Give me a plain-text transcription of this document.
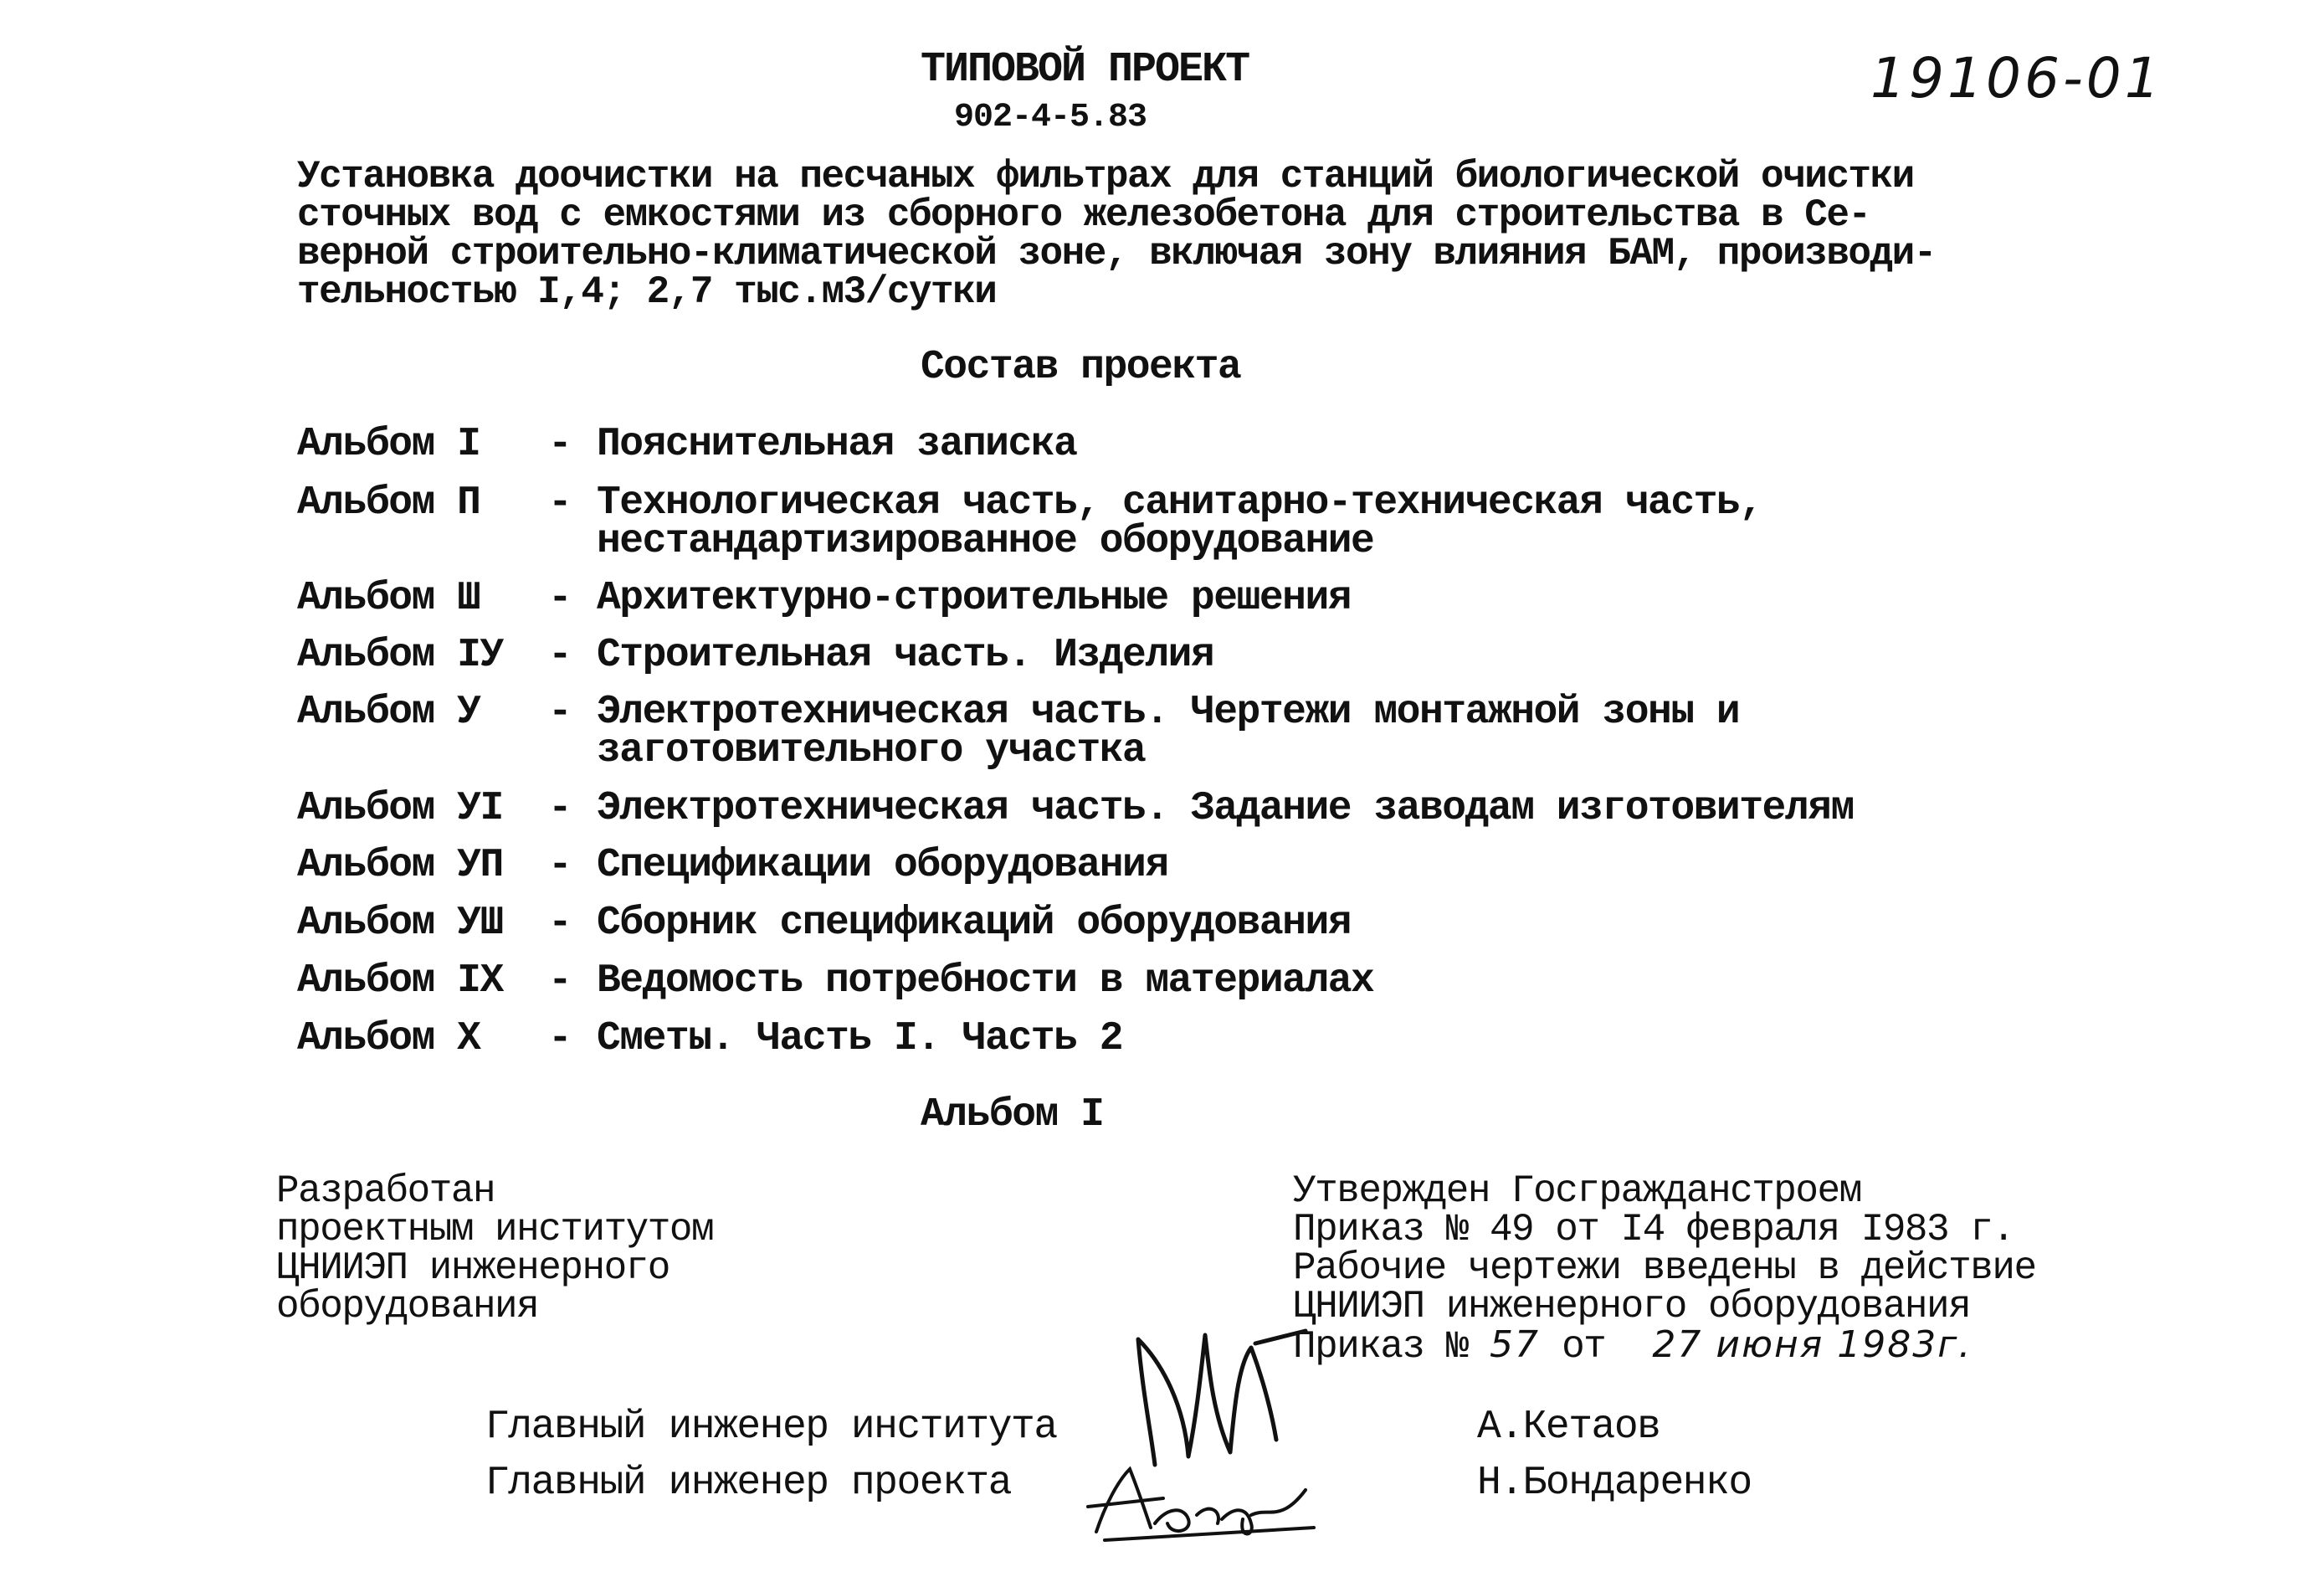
ТИПОВОЙ ПРОЕКТ
902-4-5.83
19106-01
Установка доочистки на песчаных фильтрах для станций биологической очистки
сточных вод с емкостями из сборного железобетона для строительства в Се-
верной строительно-климатической зоне, включая зону влияния БАМ, производи-
тельностью I,4; 2,7 тыс.м3/сутки
Состав проекта
Альбом I - Пояснительная записка
Альбом П - Технологическая часть, санитарно-техническая часть,
нестандартизированное оборудование
Альбом Ш - Архитектурно-строительные решения
Альбом IУ - Строительная часть. Изделия
Альбом У - Электротехническая часть. Чертежи монтажной зоны и
заготовительного участка
Альбом УI - Электротехническая часть. Задание заводам изготовителям
Альбом УП - Спецификации оборудования
Альбом УШ - Сборник спецификаций оборудования
Альбом IX - Ведомость потребности в материалах
Альбом X - Сметы. Часть I. Часть 2
Альбом I
Разработан
проектным институтом
ЦНИИЭП инженерного
оборудования
Утвержден Госгражданстроем
Приказ № 49 от I4 февраля I983 г.
Рабочие чертежи введены в действие
ЦНИИЭП инженерного оборудования
Приказ № 57 от 27 июня 1983г.
Главный инженер института	А.Кетаов
Главный инженер проекта	Н.Бондаренко
